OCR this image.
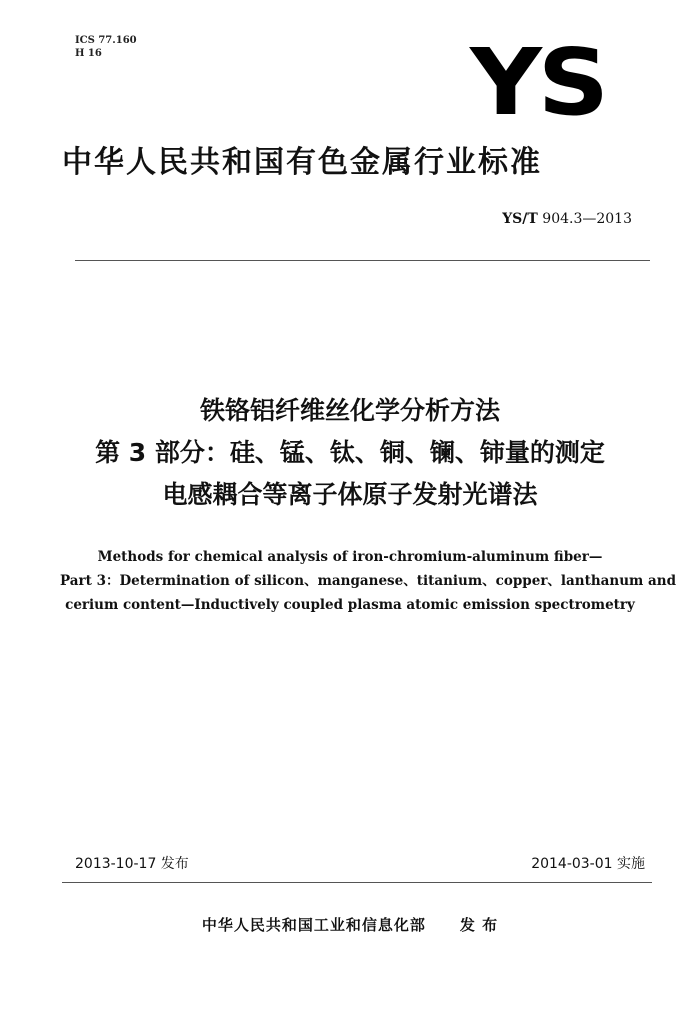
ICS 77.160
H 16	YS
中华人民共和国有色金属行业标准
YS/T 904.3—2013
铁铬铝纤维丝化学分析方法
第 3 部分：硅、锰、钛、铜、镧、铈量的测定
电感耦合等离子体原子发射光谱法
Methods for chemical analysis of iron-chromium-aluminum fiber—
Part 3：Determination of silicon、manganese、titanium、copper、lanthanum and
cerium content—Inductively coupled plasma atomic emission spectrometry
2013-10-17 发布	2014-03-01 实施
中华人民共和国工业和信息化部 发 布
